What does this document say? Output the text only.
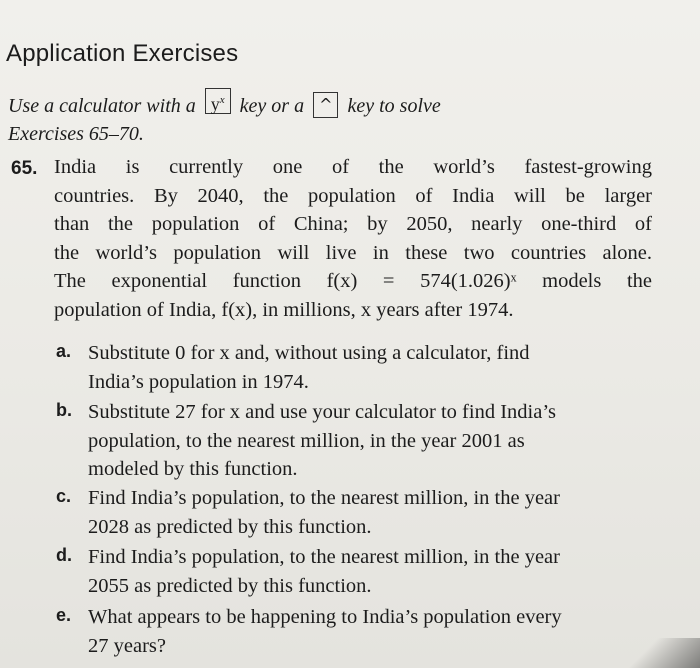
Application Exercises
Use a calculator with a $y^x$ key or a ^ key to solve
Exercises 65–70.
65. India is currently one of the world’s fastest-growing
countries. By 2040, the population of India will be larger
than the population of China; by 2050, nearly one-third of
the world’s population will live in these two countries alone.
The exponential function f(x) = 574(1.026)ˣ models the
population of India, f(x), in millions, x years after 1974.
a. Substitute 0 for x and, without using a calculator, find
India’s population in 1974.
b. Substitute 27 for x and use your calculator to find India’s
population, to the nearest million, in the year 2001 as
modeled by this function.
c. Find India’s population, to the nearest million, in the year
2028 as predicted by this function.
d. Find India’s population, to the nearest million, in the year
2055 as predicted by this function.
e. What appears to be happening to India’s population every
27 years?
